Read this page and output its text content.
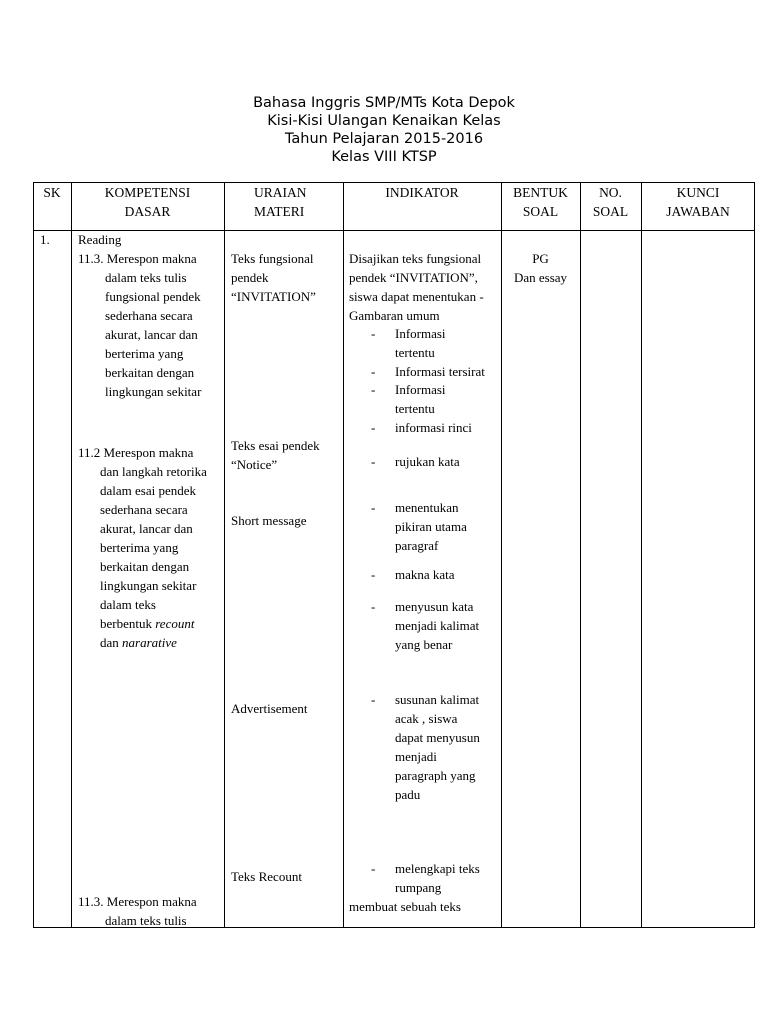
Bahasa Inggris SMP/MTs Kota Depok
Kisi-Kisi Ulangan Kenaikan Kelas
Tahun Pelajaran 2015-2016
Kelas VIII KTSP
SK	KOMPETENSI
DASAR
URAIAN
MATERI
INDIKATOR	BENTUK
SOAL
NO.
SOAL
KUNCI
JAWABAN
1. Reading
11.3. Merespon makna
dalam teks tulis
fungsional pendek
sederhana secara
akurat, lancar dan
berterima yang
berkaitan dengan
lingkungan sekitar
11.2 Merespon makna
dan langkah retorika
dalam esai pendek
sederhana secara
akurat, lancar dan
berterima yang
berkaitan dengan
lingkungan sekitar
dalam teks
berbentuk recount
dan nararative
11.3. Merespon makna
dalam teks tulis
Teks fungsional
pendek
“INVITATION”
Teks esai pendek
“Notice”
Short message
Advertisement
Teks Recount
Disajikan teks fungsional
pendek “INVITATION”,
siswa dapat menentukan -
Gambaran umum
- Informasi
tertentu
- Informasi tersirat
- Informasi
tertentu
- informasi rinci
- rujukan kata
- menentukan
pikiran utama
paragraf
- makna kata
- menyusun kata
menjadi kalimat
yang benar
- susunan kalimat
acak , siswa
dapat menyusun
menjadi
paragraph yang
padu
- melengkapi teks
rumpang
membuat sebuah teks
PG
Dan essay
